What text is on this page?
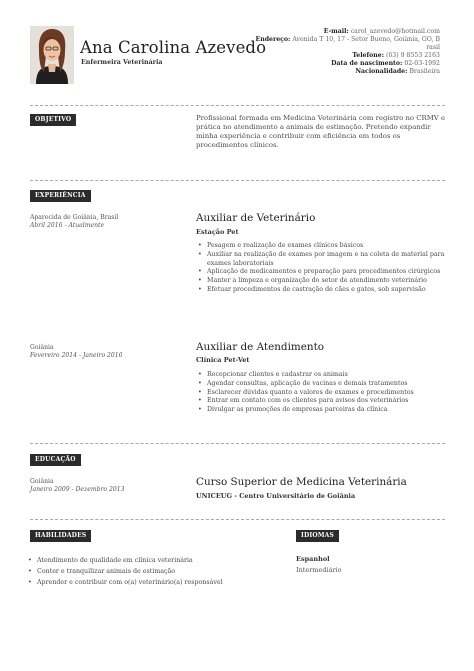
Ana Carolina Azevedo
Enfermeira Veterinária
E-mail: carol_azevedo@hotmail.com
Endereço: Avenida T 10, 17 - Setor Bueno, Goiânia, GO, B
rasil
Telefone: (63) 9 8553 2163
Data de nascimento: 02-03-1992
Nacionalidade: Brasileira
OBJETIVO	Profissional formada em Medicina Veterinária com registro no CRMV e prática no atendimento a animais de estimação. Pretendo expandir minha experiência e contribuir com eficiência em todos os procedimentos clínicos.
EXPERIÊNCIA
Aparecida de Goiânia, Brasil
Abril 2016 - Atualmente
Auxiliar de Veterinário
Estação Pet
• Pesagem e realização de exames clínicos básicos
• Auxiliar na realização de exames por imagem e na coleta de material para exames laboratoriais
• Aplicação de medicamentos e preparação para procedimentos cirúrgicos
• Manter a limpeza e organização do setor de atendimento veterinário
• Efetuar procedimentos de castração de cães e gatos, sob supervisão
Goiânia
Fevereiro 2014 - Janeiro 2016
Auxiliar de Atendimento
Clínica Pet-Vet
• Recepcionar clientes e cadastrar os animais
• Agendar consultas, aplicação de vacinas e demais tratamentos
• Esclarecer dúvidas quanto a valores de exames e procedimentos
• Entrar em contato com os clientes para avisos dos veterinários
• Divulgar as promoções de empresas parceiras da clínica
EDUCAÇÃO
Goiânia
Janeiro 2009 - Dezembro 2013
Curso Superior de Medicina Veterinária
UNICEUG - Centro Universitário de Goiânia
HABILIDADES
• Atendimento de qualidade em clínica veterinária
• Conter e tranquilizar animais de estimação
• Aprender e contribuir com o(a) veterinário(a) responsável
IDIOMAS
Espanhol
Intermediário
